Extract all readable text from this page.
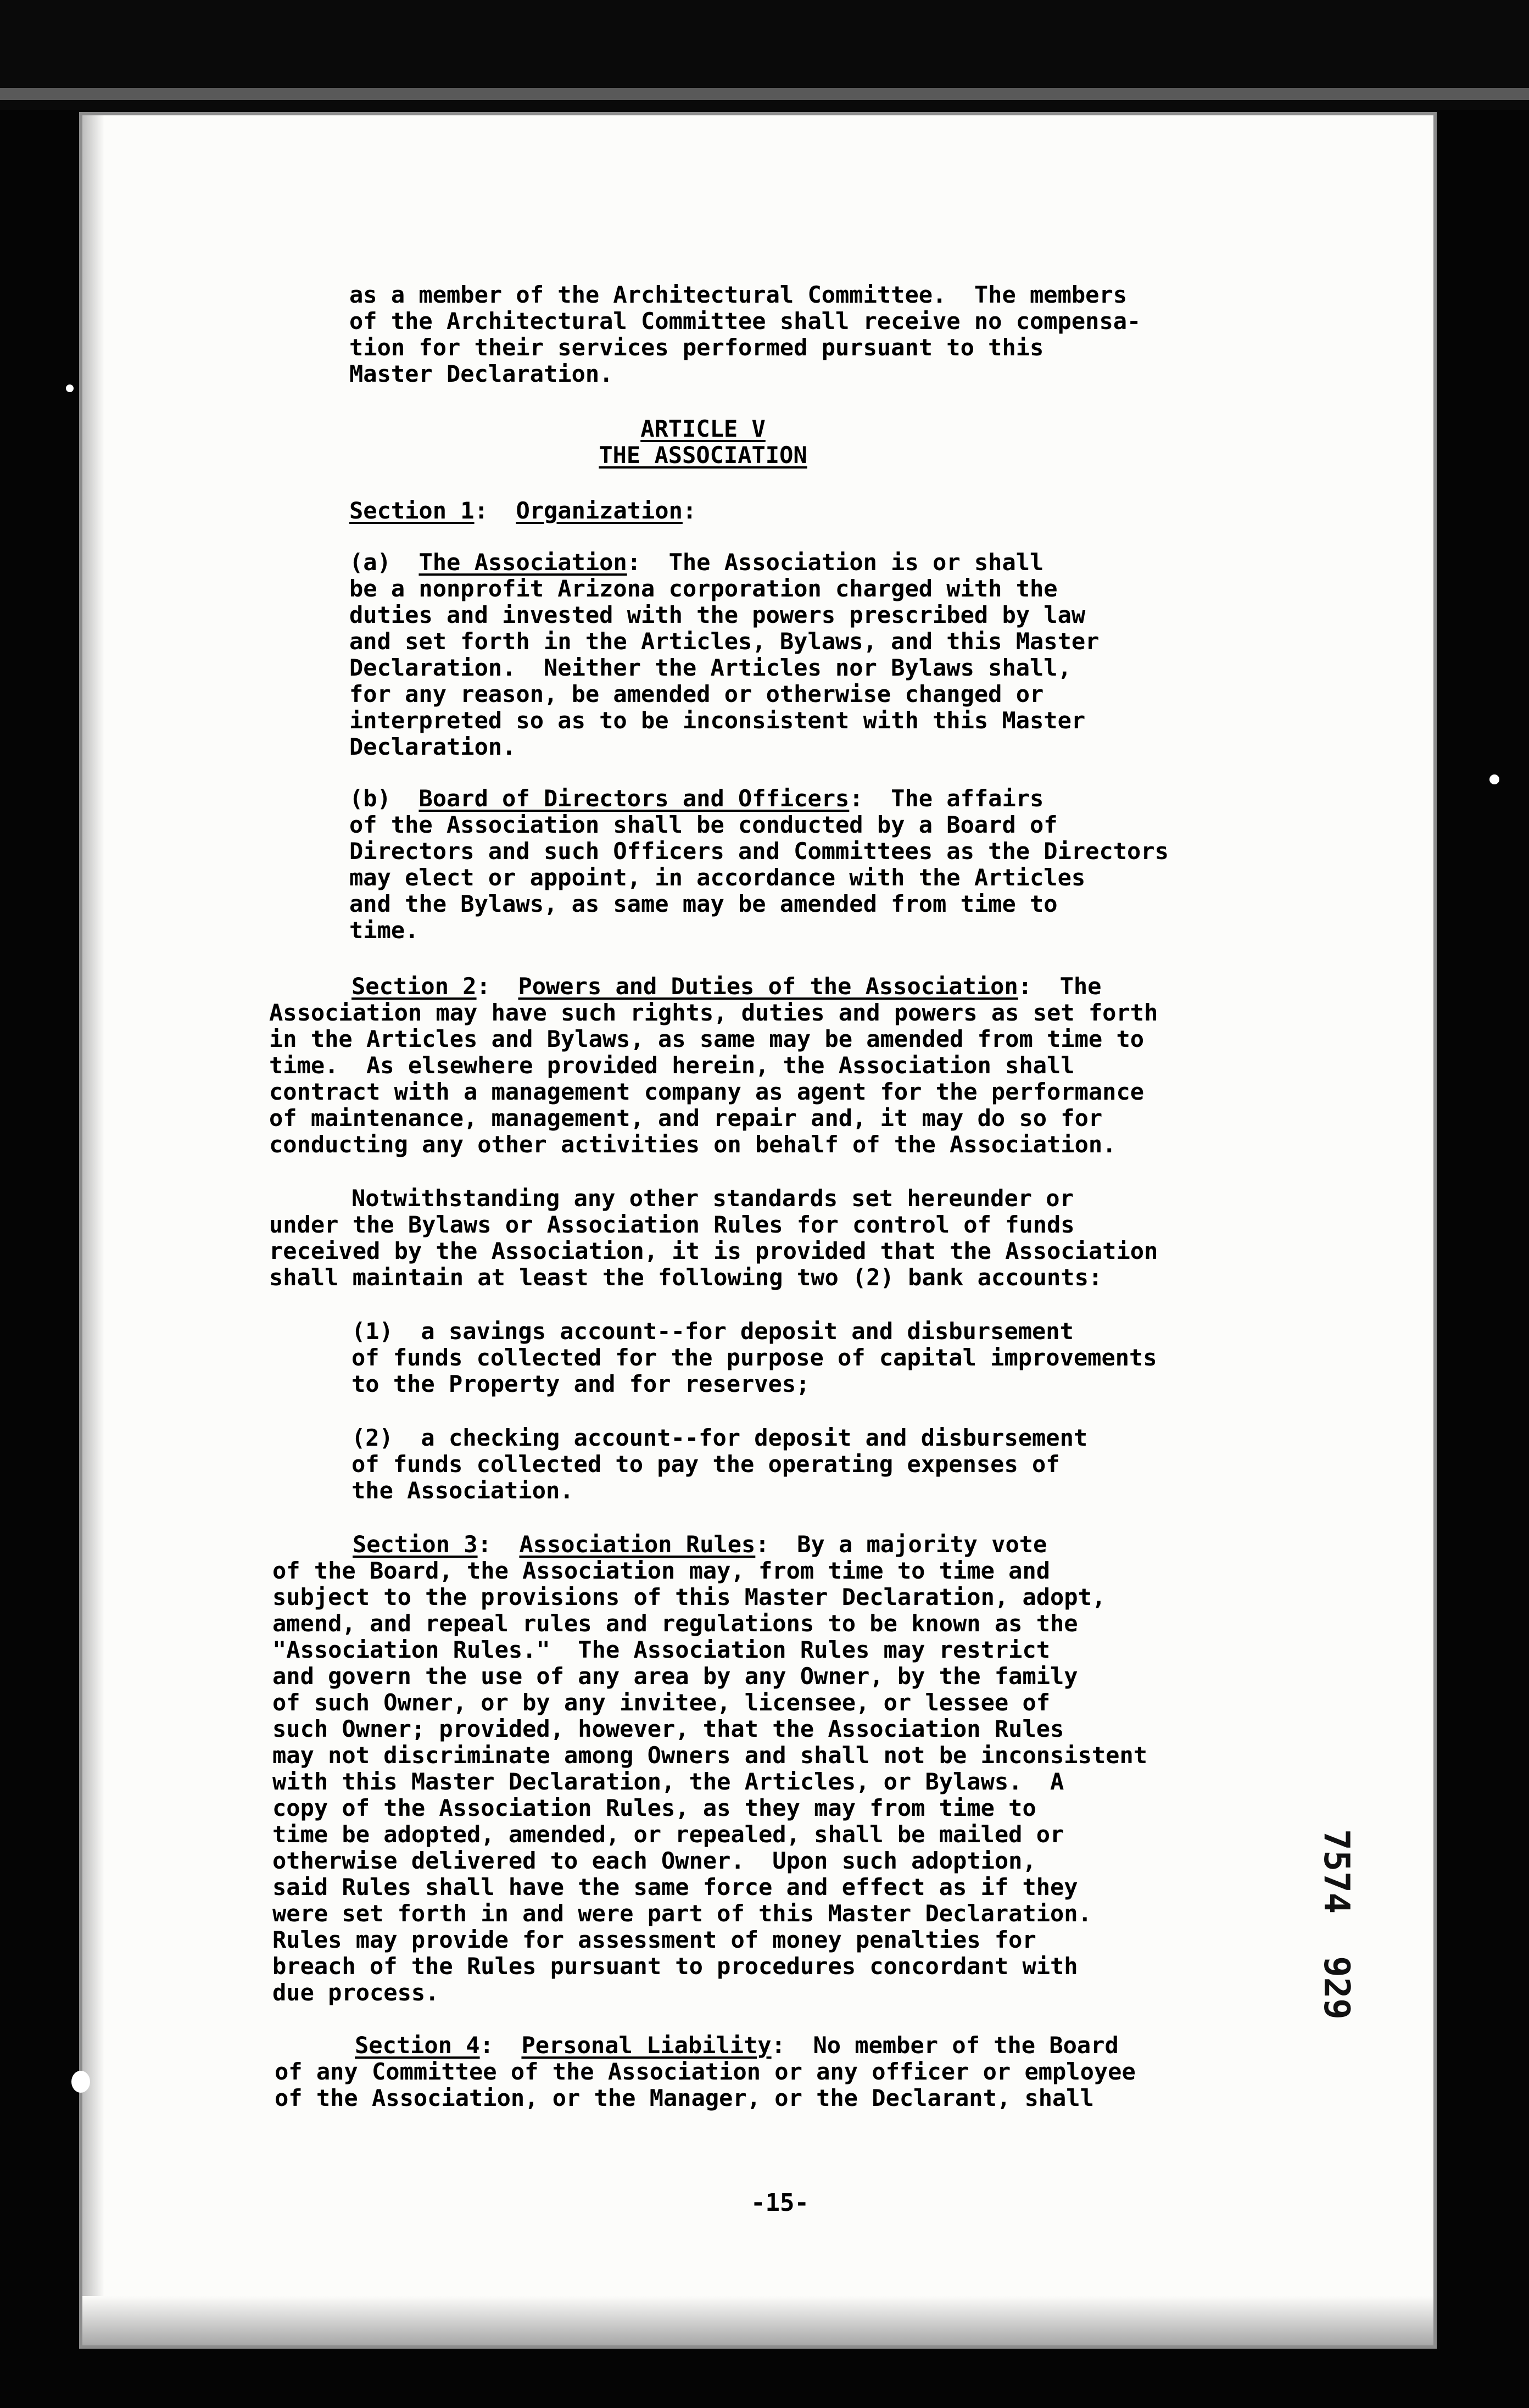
as a member of the Architectural Committee.  The members
of the Architectural Committee shall receive no compensa-
tion for their services performed pursuant to this
Master Declaration.
ARTICLE V
THE ASSOCIATION
Section 1:  Organization:
(a) The Association:  The Association is or shall
be a nonprofit Arizona corporation charged with the
duties and invested with the powers prescribed by law
and set forth in the Articles, Bylaws, and this Master
Declaration.  Neither the Articles nor Bylaws shall,
for any reason, be amended or otherwise changed or
interpreted so as to be inconsistent with this Master
Declaration.
(b) Board of Directors and Officers:  The affairs
of the Association shall be conducted by a Board of
Directors and such Officers and Committees as the Directors
may elect or appoint, in accordance with the Articles
and the Bylaws, as same may be amended from time to
time.
Section 2:  Powers and Duties of the Association:  The
Association may have such rights, duties and powers as set forth
in the Articles and Bylaws, as same may be amended from time to
time.  As elsewhere provided herein, the Association shall
contract with a management company as agent for the performance
of maintenance, management, and repair and, it may do so for
conducting any other activities on behalf of the Association.
Notwithstanding any other standards set hereunder or
under the Bylaws or Association Rules for control of funds
received by the Association, it is provided that the Association
shall maintain at least the following two (2) bank accounts:
(1)  a savings account--for deposit and disbursement
of funds collected for the purpose of capital improvements
to the Property and for reserves;
(2)  a checking account--for deposit and disbursement
of funds collected to pay the operating expenses of
the Association.
Section 3:  Association Rules:  By a majority vote
of the Board, the Association may, from time to time and
subject to the provisions of this Master Declaration, adopt,
amend, and repeal rules and regulations to be known as the
"Association Rules."  The Association Rules may restrict
and govern the use of any area by any Owner, by the family
of such Owner, or by any invitee, licensee, or lessee of
such Owner; provided, however, that the Association Rules
may not discriminate among Owners and shall not be inconsistent
with this Master Declaration, the Articles, or Bylaws.  A
copy of the Association Rules, as they may from time to
time be adopted, amended, or repealed, shall be mailed or
otherwise delivered to each Owner.  Upon such adoption,
said Rules shall have the same force and effect as if they
were set forth in and were part of this Master Declaration.
Rules may provide for assessment of money penalties for
breach of the Rules pursuant to procedures concordant with
due process.
Section 4:  Personal Liability:  No member of the Board
of any Committee of the Association or any officer or employee
of the Association, or the Manager, or the Declarant, shall
7574  929
-15-
